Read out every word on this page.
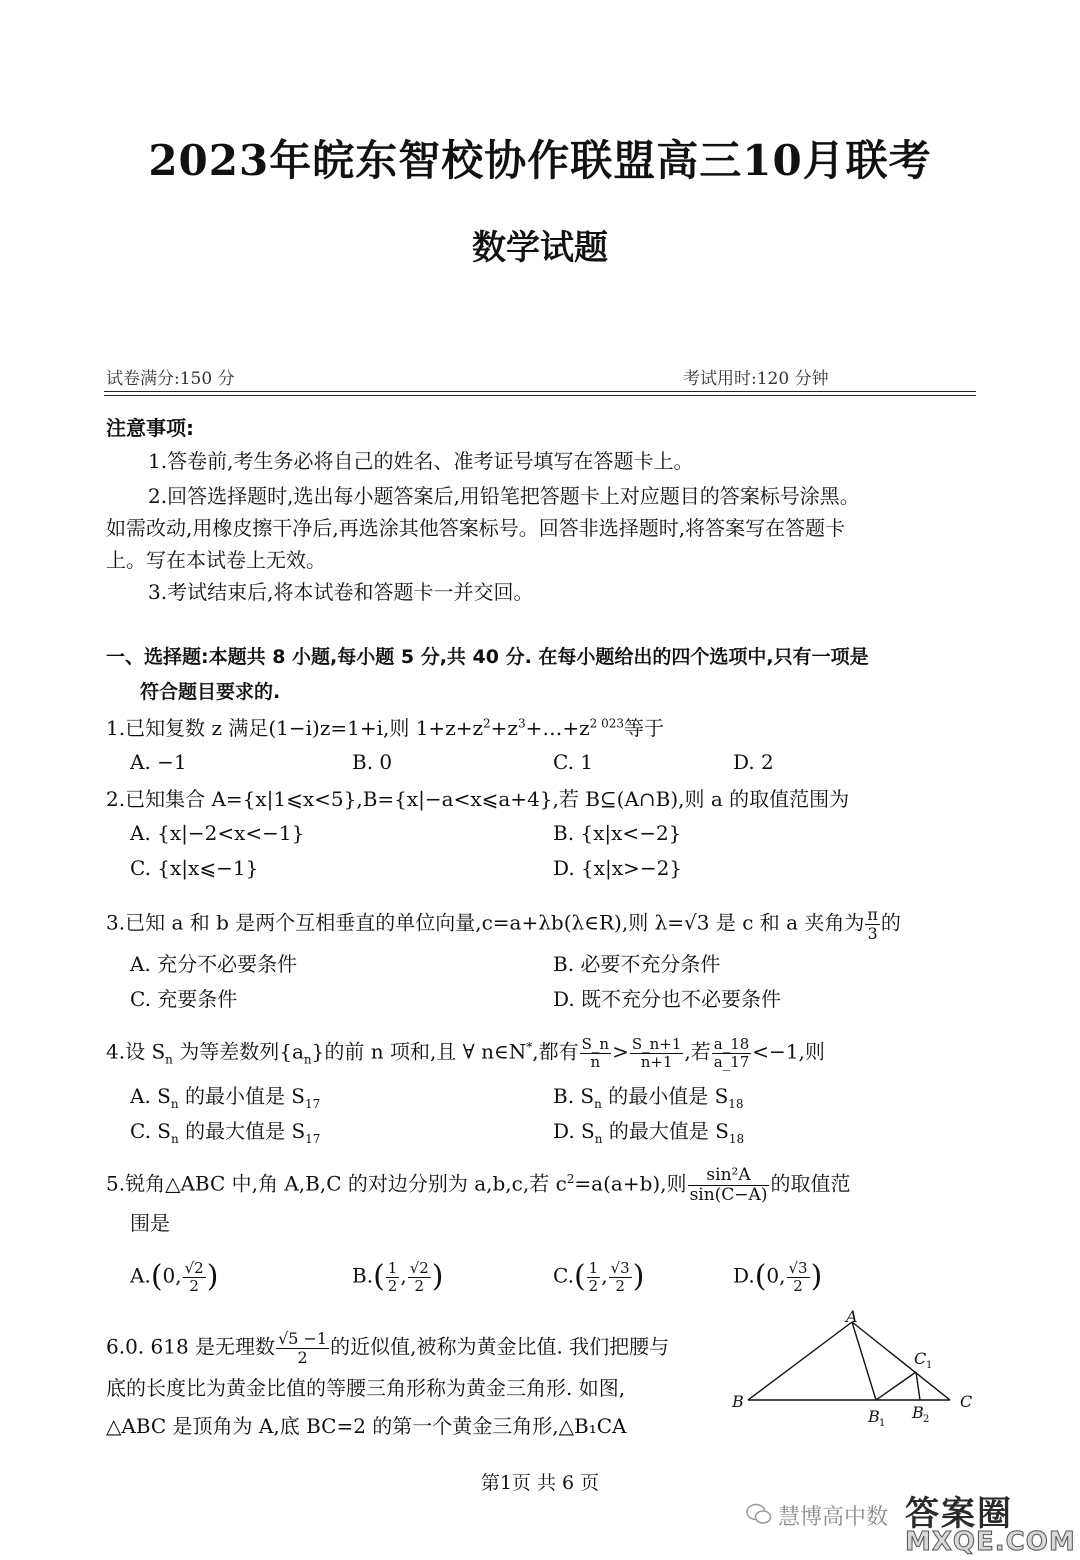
2023年皖东智校协作联盟高三10月联考
数学试题
试卷满分:150 分	考试用时:120 分钟
注意事项:
1.答卷前,考生务必将自己的姓名、准考证号填写在答题卡上。
2.回答选择题时,选出每小题答案后,用铅笔把答题卡上对应题目的答案标号涂黑。
如需改动,用橡皮擦干净后,再选涂其他答案标号。回答非选择题时,将答案写在答题卡
上。写在本试卷上无效。
3.考试结束后,将本试卷和答题卡一并交回。
一、选择题:本题共 8 小题,每小题 5 分,共 40 分. 在每小题给出的四个选项中,只有一项是
符合题目要求的.
1.已知复数 z 满足(1−i)z=1+i,则 $1+z+z^2+z^3+\dots+z^{2 023}$等于
A. −1	B. 0	C. 1	D. 2
2.已知集合 A={x|1⩽x<5},B={x|−a<x⩽a+4},若 B⊆(A∩B),则 a 的取值范围为
A. {x|−2<x<−1}	B. {x|x<−2}
C. {x|x⩽−1}	D. {x|x>−2}
3.已知 a 和 b 是两个互相垂直的单位向量,c=a+λb(λ∈R),则 λ=√3 是 c 和 a 夹角为 $\frac{\pi}{3}$ 的
A. 充分不必要条件	B. 必要不充分条件
C. 充要条件	D. 既不充分也不必要条件
4.设 $S_n$ 为等差数列$\{a_n\}$的前 n 项和,且 ∀ n∈N*,都有 $\frac{S\_n}{n} > \frac{S\_n+1}{n+1}$ ,若 $\frac{a\_18}{a\_17} <-1$,则
A. $S_n$ 的最小值是 $S_{17}$	B. $S_n$ 的最小值是 $S_{18}$
C. $S_n$ 的最大值是 $S_{17}$	D. $S_n$ 的最大值是 $S_{18}$
5.锐角△ABC 中,角 A,B,C 的对边分别为 a,b,c,若 $c^2=a(a+b)$,则 $\frac{\text{sin²A}}{\sin(C-A)}$ 的取值范
围是
A.(0, $\frac{√2}{2}$ )	$B.( \frac{1}{2}$ , $\frac{√2}{2}$ )	$C.( \frac{1}{2}$ , $\frac{√3}{2}$ )	D.(0, $\frac{√3}{2}$ )
6.0. 618 是无理数 $\frac{√5 -1}{2}$ 的近似值,被称为黄金比值. 我们把腰与
底的长度比为黄金比值的等腰三角形称为黄金三角形. 如图,
△ABC 是顶角为 A,底 BC=2 的第一个黄金三角形,△B₁CA
A
B	C
C 1
B 1
B 2
第1页 共 6 页
慧博高中数 答案圈
MXQE.COM
